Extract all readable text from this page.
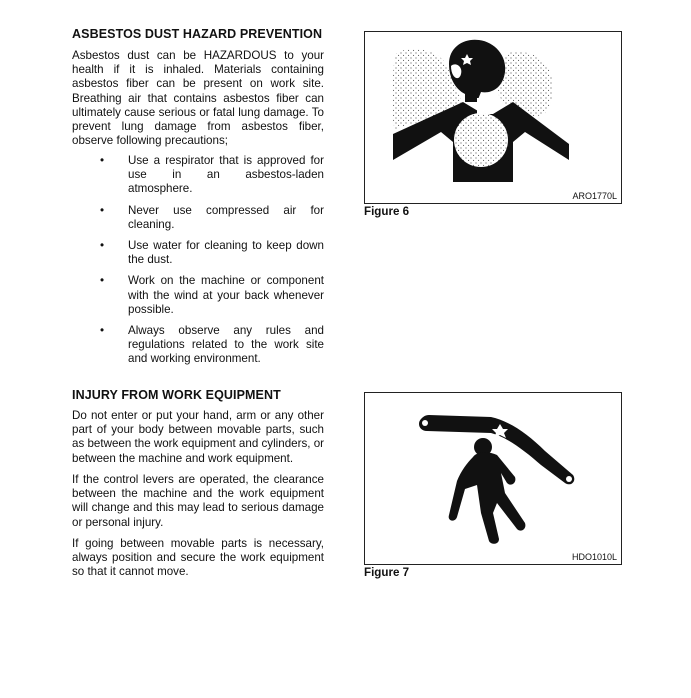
ASBESTOS DUST HAZARD PREVENTION
Asbestos dust can be HAZARDOUS to your health if it is inhaled. Materials containing asbestos fiber can be present on work site. Breathing air that contains asbestos fiber can ultimately cause serious or fatal lung damage. To prevent lung damage from asbestos fiber, observe following precautions;
• Use a respirator that is approved for use in an asbestos-laden atmosphere.
• Never use compressed air for cleaning.
• Use water for cleaning to keep down the dust.
• Work on the machine or component with the wind at your back whenever possible.
• Always observe any rules and regulations related to the work site and working environment.
INJURY FROM WORK EQUIPMENT
Do not enter or put your hand, arm or any other part of your body between movable parts, such as between the work equipment and cylinders, or between the machine and work equipment.
If the control levers are operated, the clearance between the machine and the work equipment will change and this may lead to serious damage or personal injury.
If going between movable parts is necessary, always position and secure the work equipment so that it cannot move.
ARO1770L
Figure 6
HDO1010L
Figure 7
